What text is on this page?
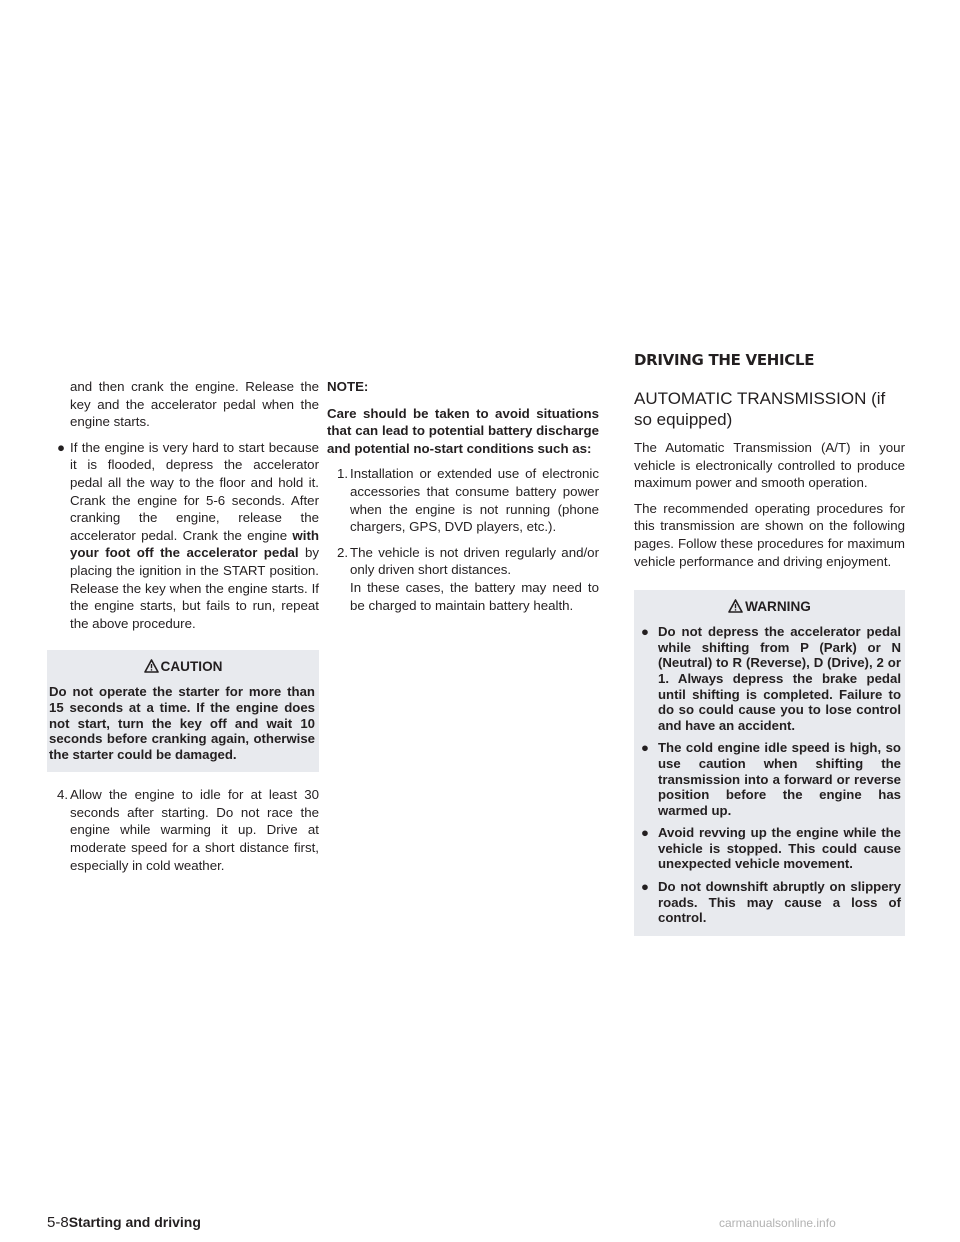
DRIVING THE VEHICLE

and then crank the engine. Release the key and the accelerator pedal when the engine starts.

● If the engine is very hard to start because it is flooded, depress the accelerator pedal all the way to the floor and hold it. Crank the engine for 5-6 seconds. After cranking the engine, release the accelerator pedal. Crank the engine with your foot off the accelerator pedal by placing the ignition in the START position. Release the key when the engine starts. If the engine starts, but fails to run, repeat the above procedure.

CAUTION

Do not operate the starter for more than 15 seconds at a time. If the engine does not start, turn the key off and wait 10 seconds before cranking again, otherwise the starter could be damaged.

4. Allow the engine to idle for at least 30 seconds after starting. Do not race the engine while warming it up. Drive at moderate speed for a short distance first, especially in cold weather.

NOTE:

Care should be taken to avoid situations that can lead to potential battery discharge and potential no-start conditions such as:

1. Installation or extended use of electronic accessories that consume battery power when the engine is not running (phone chargers, GPS, DVD players, etc.).

2. The vehicle is not driven regularly and/or only driven short distances.
In these cases, the battery may need to be charged to maintain battery health.

AUTOMATIC TRANSMISSION (if so equipped)

The Automatic Transmission (A/T) in your vehicle is electronically controlled to produce maximum power and smooth operation.

The recommended operating procedures for this transmission are shown on the following pages. Follow these procedures for maximum vehicle performance and driving enjoyment.

WARNING

● Do not depress the accelerator pedal while shifting from P (Park) or N (Neutral) to R (Reverse), D (Drive), 2 or 1. Always depress the brake pedal until shifting is completed. Failure to do so could cause you to lose control and have an accident.

● The cold engine idle speed is high, so use caution when shifting the transmission into a forward or reverse position before the engine has warmed up.

● Avoid revving up the engine while the vehicle is stopped. This could cause unexpected vehicle movement.

● Do not downshift abruptly on slippery roads. This may cause a loss of control.

5-8Starting and driving	carmanualsonline.info
